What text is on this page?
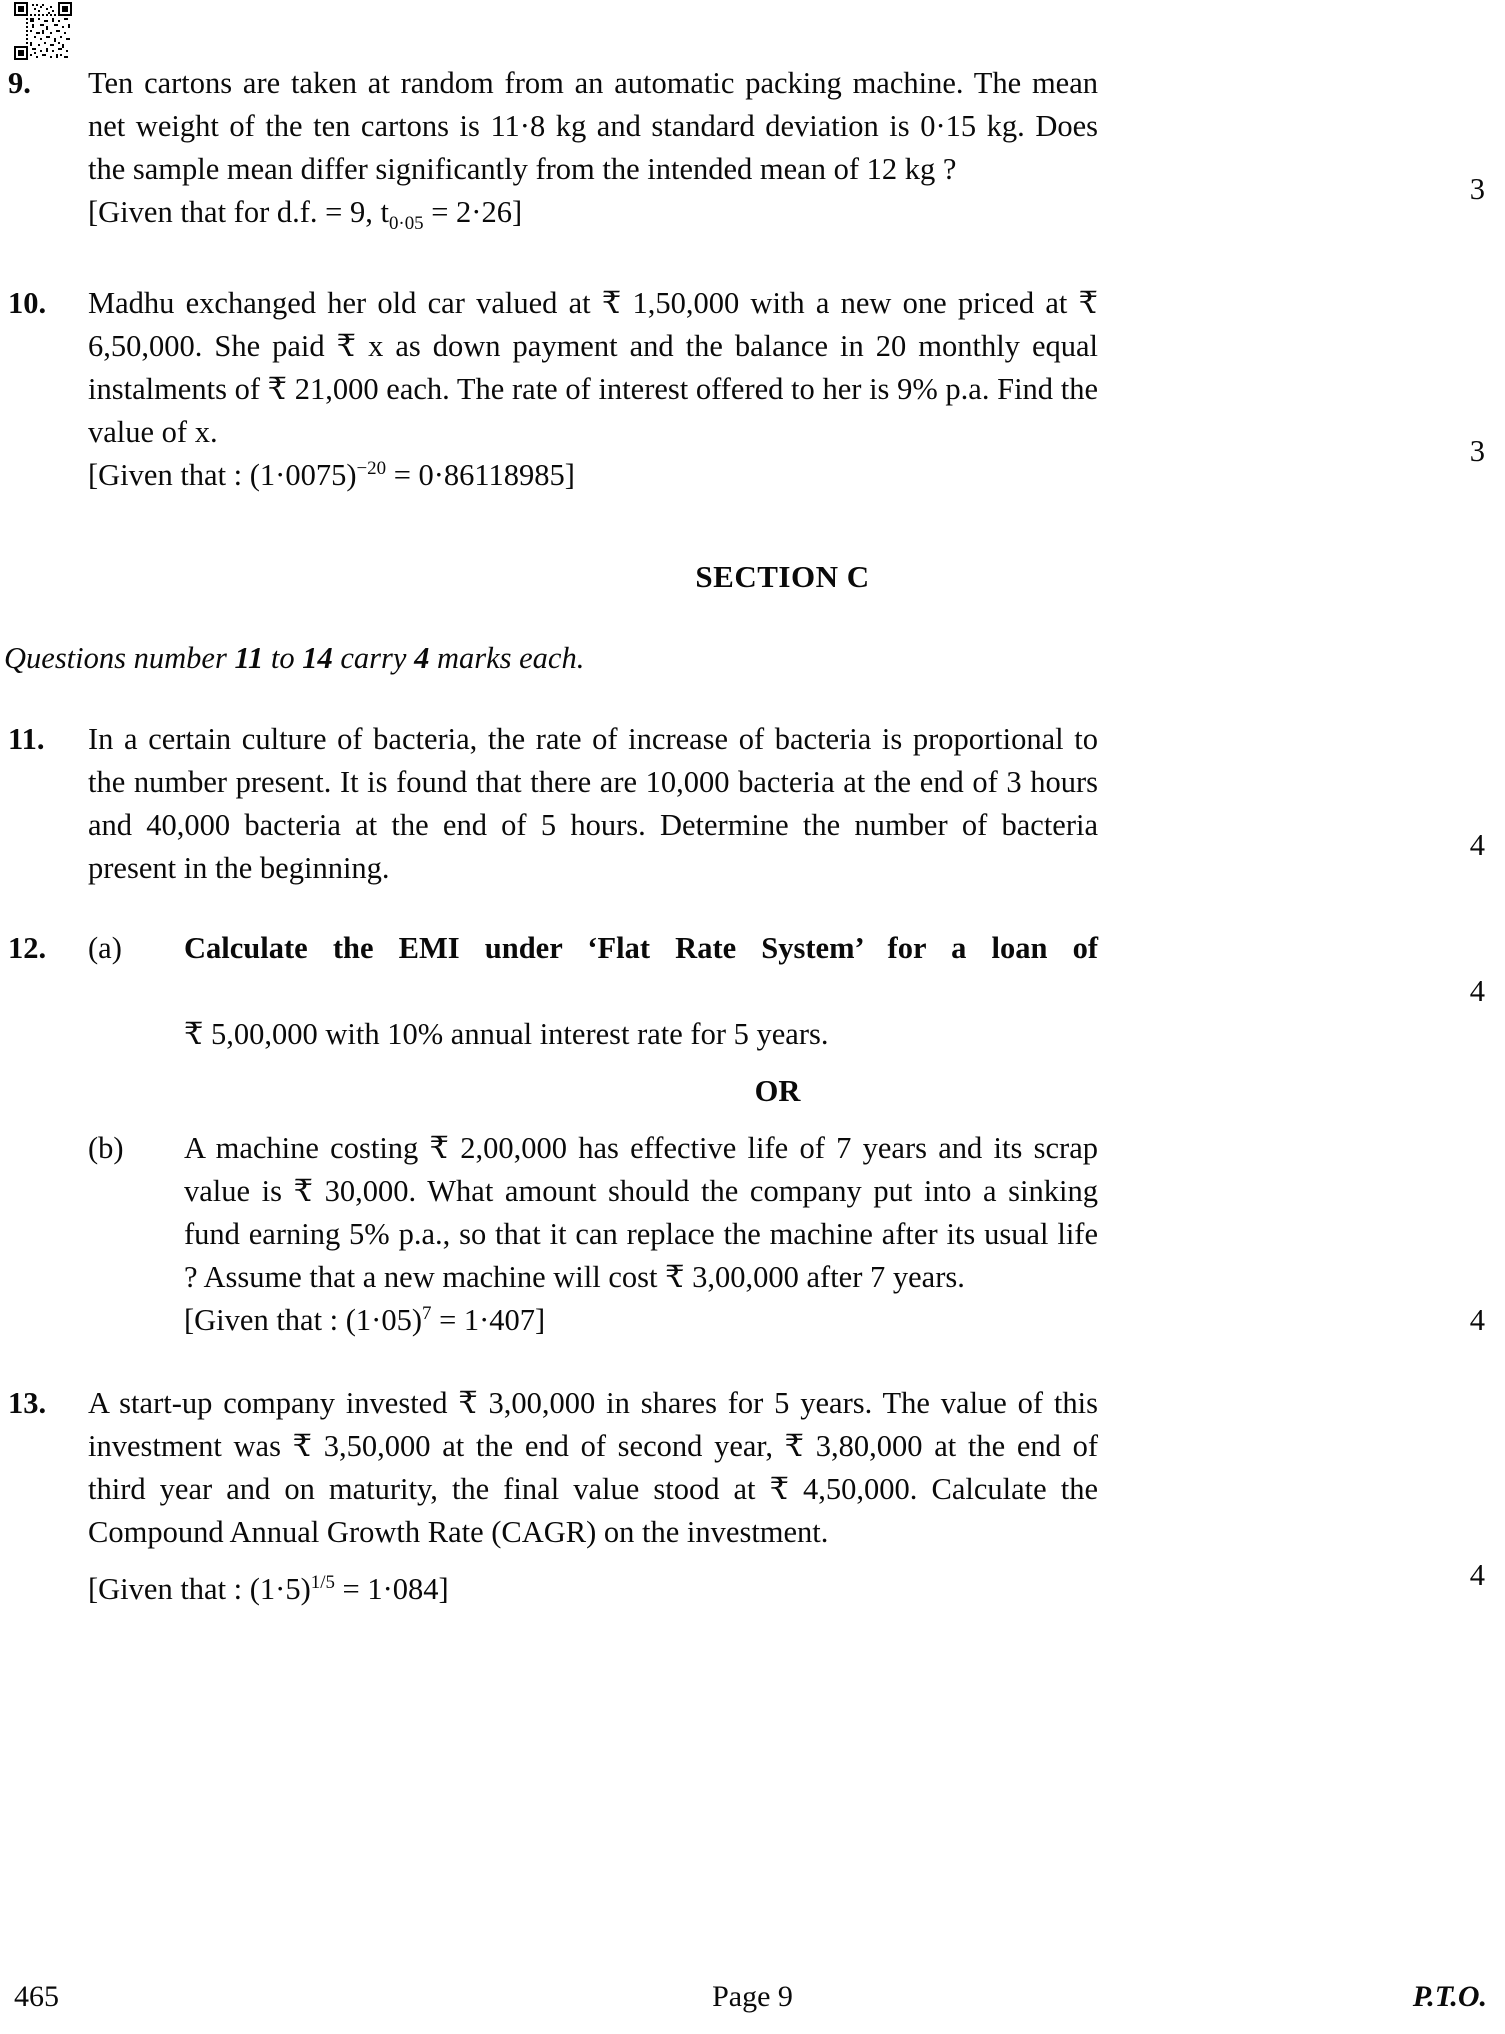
9.	Ten cartons are taken at random from an automatic packing machine. The mean net weight of the ten cartons is 11·8 kg and standard deviation is 0·15 kg. Does the sample mean differ significantly from the intended mean of 12 kg ?
3
[Given that for d.f. = 9, $t_{0\cdot 05} = 2\cdot 26$]
10.	Madhu exchanged her old car valued at ₹ 1,50,000 with a new one priced at ₹ 6,50,000. She paid ₹ x as down payment and the balance in 20 monthly equal instalments of ₹ 21,000 each. The rate of interest offered to her is 9% p.a. Find the value of x.
3
[Given that : $(1\cdot 0075)^{-20} = 0\cdot 86118985$]
SECTION C
Questions number 11 to 14 carry 4 marks each.
11.	In a certain culture of bacteria, the rate of increase of bacteria is proportional to the number present. It is found that there are 10,000 bacteria at the end of 3 hours and 40,000 bacteria at the end of 5 hours. Determine the number of bacteria present in the beginning.
4
12.	(a)	Calculate the EMI under ‘Flat Rate System’ for a loan of
₹ 5,00,000 with 10% annual interest rate for 5 years.
4
OR
(b)	A machine costing ₹ 2,00,000 has effective life of 7 years and its scrap value is ₹ 30,000. What amount should the company put into a sinking fund earning 5% p.a., so that it can replace the machine after its usual life ? Assume that a new machine will cost ₹ 3,00,000 after 7 years.
4
[Given that : $(1\cdot 05)^7 = 1\cdot 407$]
13.	A start-up company invested ₹ 3,00,000 in shares for 5 years. The value of this investment was ₹ 3,50,000 at the end of second year, ₹ 3,80,000 at the end of third year and on maturity, the final value stood at ₹ 4,50,000. Calculate the Compound Annual Growth Rate (CAGR) on the investment.
4
[Given that : $(1\cdot 5)^{1/5} = 1\cdot 084$]
465	Page 9	P.T.O.
